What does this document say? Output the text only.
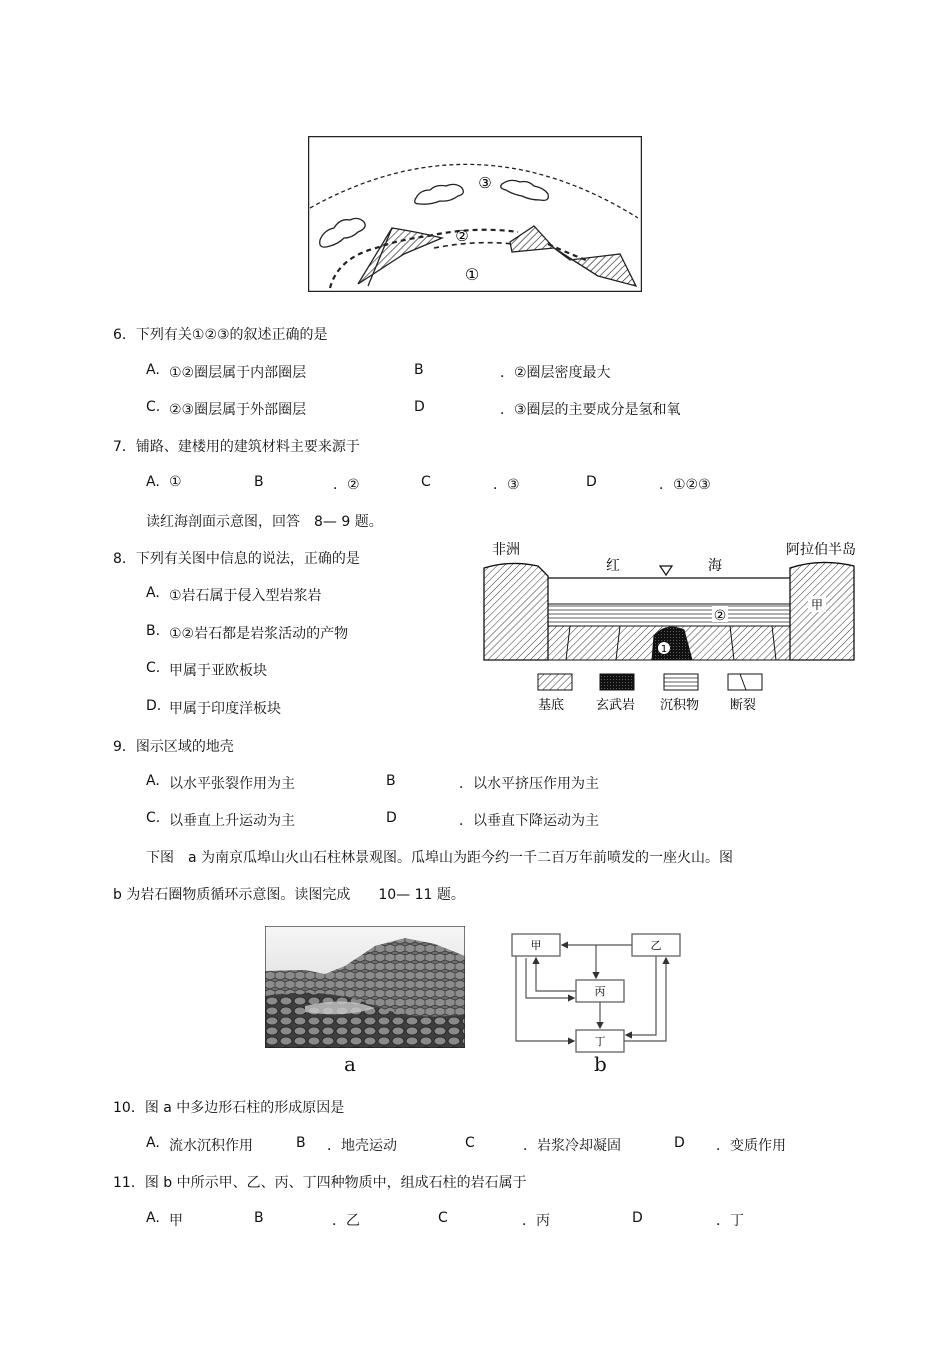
①
②
③
6．下列有关①②③的叙述正确的是
A. ①②圈层属于内部圈层	B	．②圈层密度最大
C. ②③圈层属于外部圈层	D	．③圈层的主要成分是氢和氧
7．铺路、建楼用的建筑材料主要来源于
A. ①	B	．②	C	．③	D	．①②③
读红海剖面示意图，回答　8— 9 题。
8．下列有关图中信息的说法，正确的是
A. ①岩石属于侵入型岩浆岩
B. ①②岩石都是岩浆活动的产物
C. 甲属于亚欧板块
D. 甲属于印度洋板块
非洲	阿拉伯半岛
红	海
1
②
甲
基底 玄武岩 沉积物 断裂
9．图示区域的地壳
A. 以水平张裂作用为主	B	．以水平挤压作用为主
C. 以垂直上升运动为主	D	．以垂直下降运动为主
下图　a 为南京瓜埠山火山石柱林景观图。瓜埠山为距今约一千二百万年前喷发的一座火山。图
b 为岩石圈物质循环示意图。读图完成　　10— 11 题。
a
甲	乙
丙
丁
b
10．图 a 中多边形石柱的形成原因是
A. 流水沉积作用	B ．地壳运动	C	．岩浆冷却凝固	D ．变质作用
11．图 b 中所示甲、乙、丙、丁四种物质中，组成石柱的岩石属于
A. 甲	B	．乙	C	．丙	D	．丁
